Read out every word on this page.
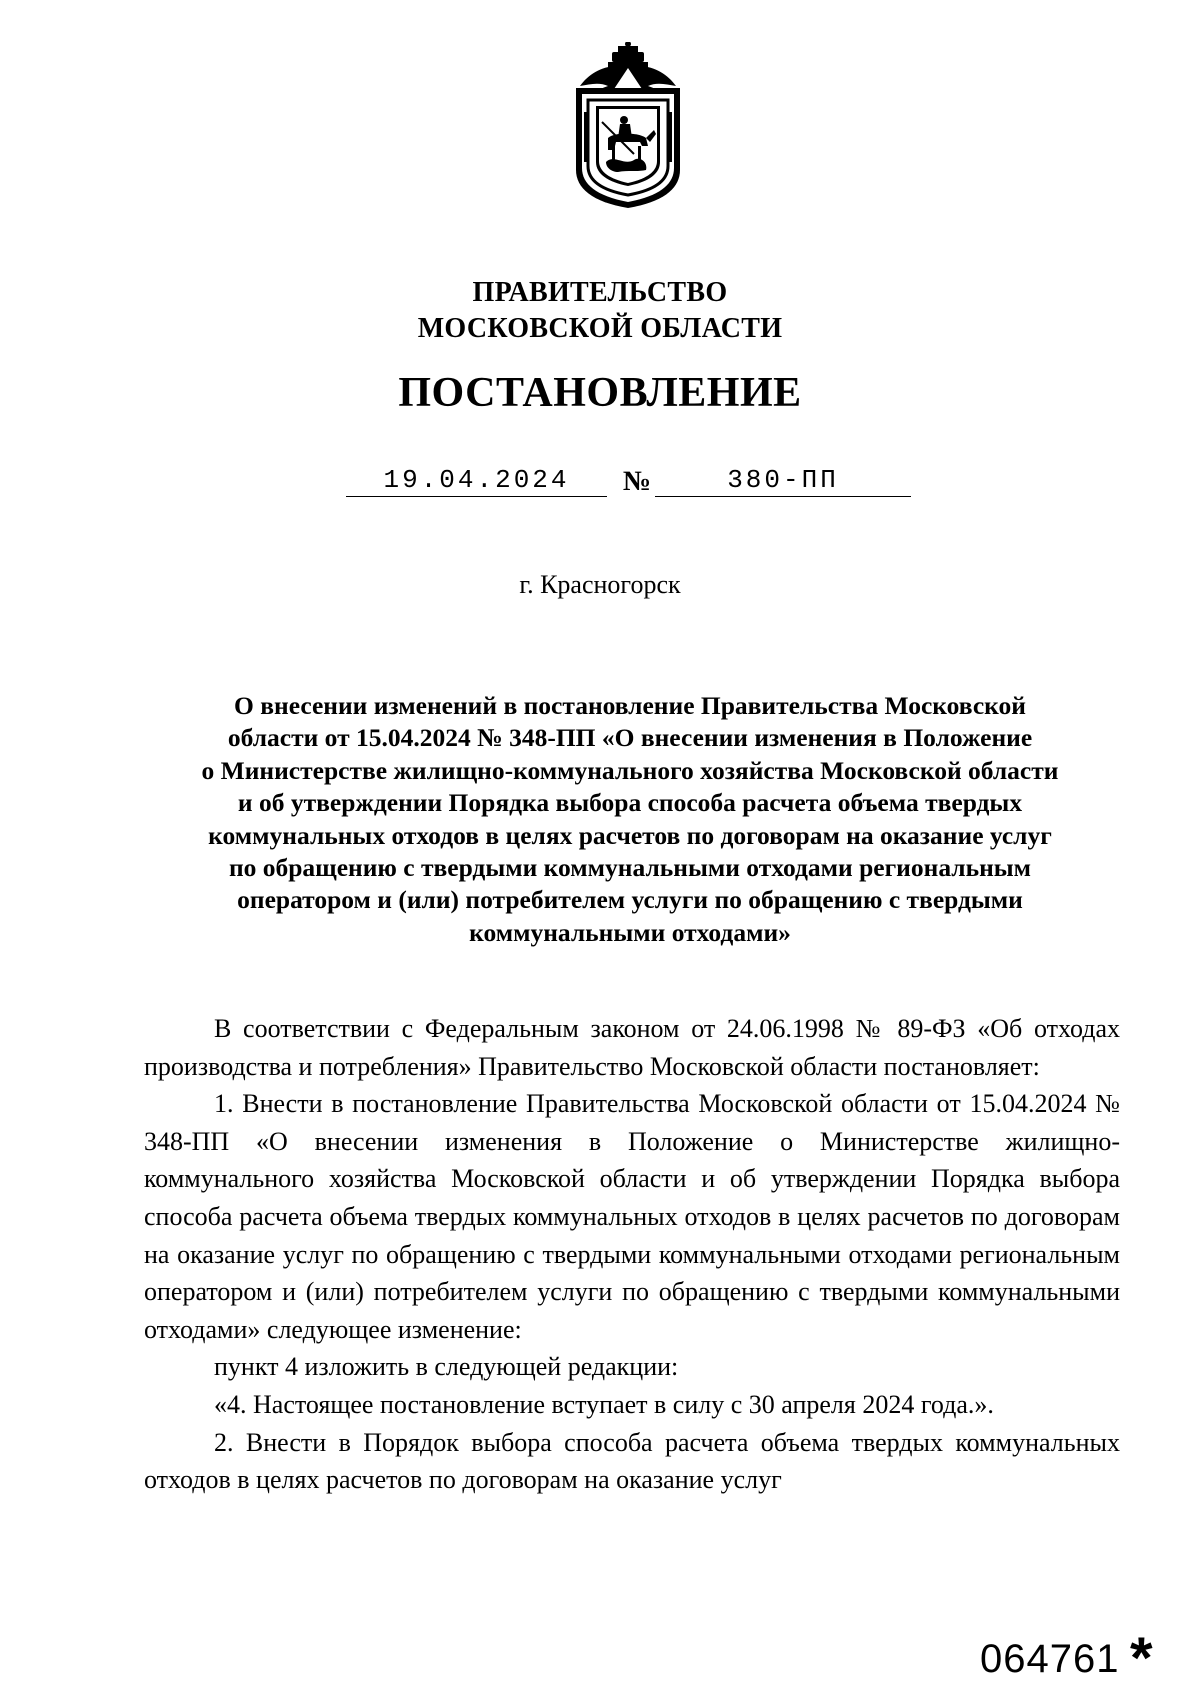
ПРАВИТЕЛЬСТВО
МОСКОВСКОЙ ОБЛАСТИ
ПОСТАНОВЛЕНИЕ
19.04.2024	№	380-ПП
г. Красногорск
О внесении изменений в постановление Правительства Московской
области от 15.04.2024 № 348-ПП «О внесении изменения в Положение
о Министерстве жилищно-коммунального хозяйства Московской области
и об утверждении Порядка выбора способа расчета объема твердых
коммунальных отходов в целях расчетов по договорам на оказание услуг
по обращению с твердыми коммунальными отходами региональным
оператором и (или) потребителем услуги по обращению с твердыми
коммунальными отходами»

В соответствии с Федеральным законом от 24.06.1998 № 89-ФЗ «Об отходах производства и потребления» Правительство Московской области постановляет:

1. Внести в постановление Правительства Московской области от 15.04.2024 № 348-ПП «О внесении изменения в Положение о Министерстве жилищно-коммунального хозяйства Московской области и об утверждении Порядка выбора способа расчета объема твердых коммунальных отходов в целях расчетов по договорам на оказание услуг по обращению с твердыми коммунальными отходами региональным оператором и (или) потребителем услуги по обращению с твердыми коммунальными отходами» следующее изменение:

пункт 4 изложить в следующей редакции:

«4. Настоящее постановление вступает в силу с 30 апреля 2024 года.».

2. Внести в Порядок выбора способа расчета объема твердых коммунальных отходов в целях расчетов по договорам на оказание услуг

064761 *
